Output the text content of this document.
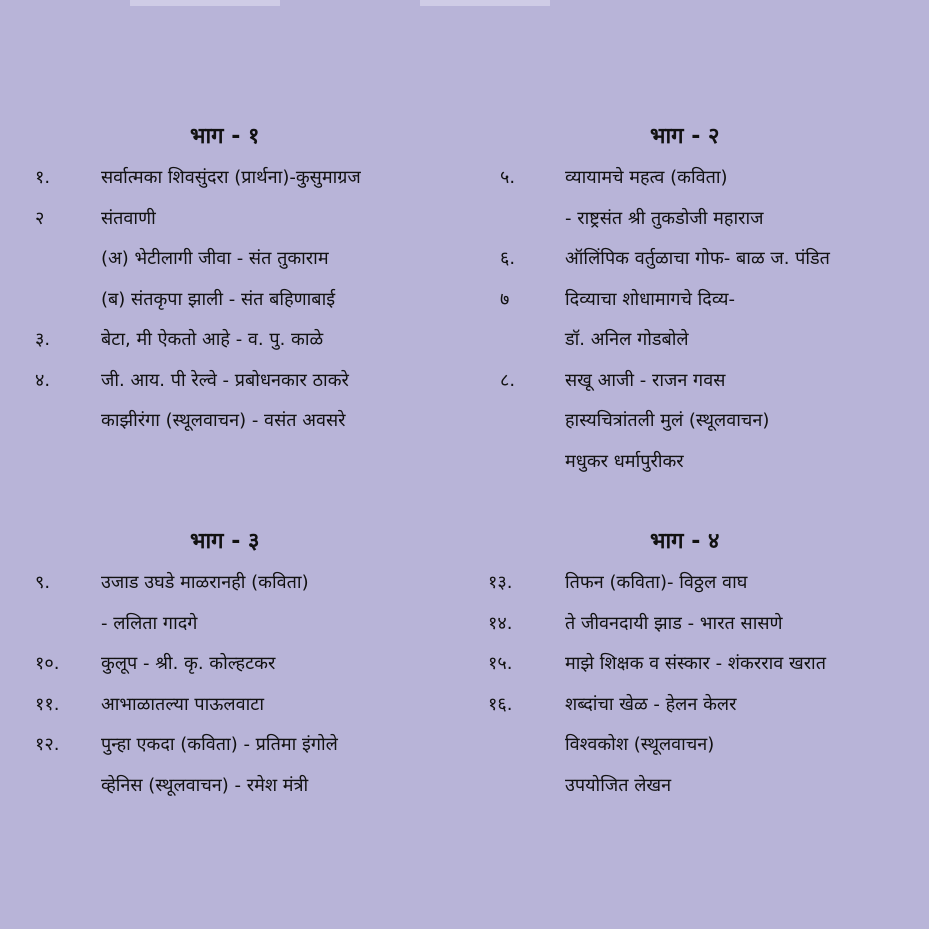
भाग - १
१.	सर्वात्मका शिवसुंदरा (प्रार्थना)-कुसुमाग्रज
२	संतवाणी
(अ) भेटीलागी जीवा - संत तुकाराम
(ब) संतकृपा झाली - संत बहिणाबाई
३.	बेटा, मी ऐकतो आहे - व. पु. काळे
४.	जी. आय. पी रेल्वे - प्रबोधनकार ठाकरे
काझीरंगा (स्थूलवाचन) - वसंत अवसरे
भाग - २
५.	व्यायामचे महत्व (कविता)
- राष्ट्रसंत श्री तुकडोजी महाराज
६.	ऑलिंपिक वर्तुळाचा गोफ- बाळ ज. पंडित
७	दिव्याचा शोधामागचे दिव्य-
डॉ. अनिल गोडबोले
८.	सखू आजी - राजन गवस
हास्यचित्रांतली मुलं (स्थूलवाचन)
मधुकर धर्मापुरीकर
भाग - ३
९.	उजाड उघडे माळरानही (कविता)
- ललिता गादगे
१०. कुलूप - श्री. कृ. कोल्हटकर
११. आभाळातल्या पाऊलवाटा
१२. पुन्हा एकदा (कविता) - प्रतिमा इंगोले
व्हेनिस (स्थूलवाचन) - रमेश मंत्री
भाग - ४
१३.	तिफन (कविता)- विठ्ठल वाघ
१४.	ते जीवनदायी झाड - भारत सासणे
१५.	माझे शिक्षक व संस्कार - शंकरराव खरात
१६.	शब्दांचा खेळ - हेलन केलर
विश्वकोश (स्थूलवाचन)
उपयोजित लेखन
